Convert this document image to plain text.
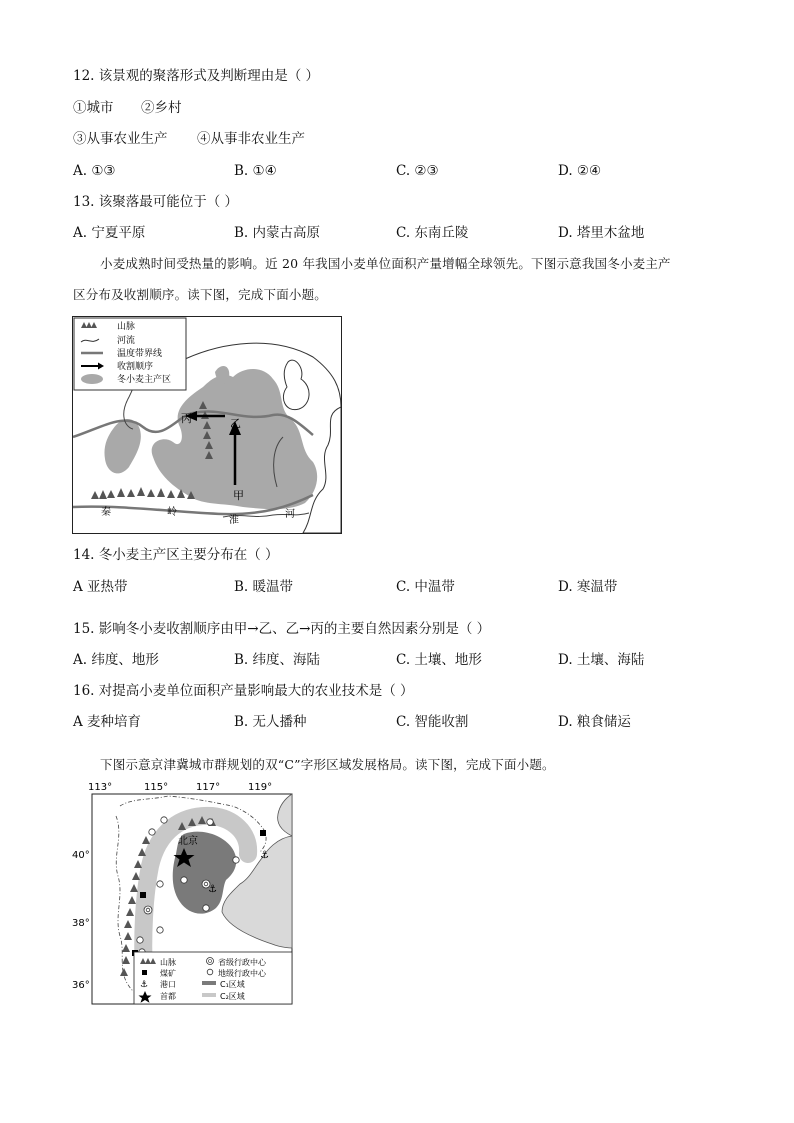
12. 该景观的聚落形式及判断理由是（ ）
①城市 ②乡村
③从事农业生产 ④从事非农业生产
A. ①③	B. ①④	C. ②③	D. ②④
13. 该聚落最可能位于（ ）
A. 宁夏平原	B. 内蒙古高原	C. 东南丘陵	D. 塔里木盆地
小麦成熟时间受热量的影响。近 20 年我国小麦单位面积产量增幅全球领先。下图示意我国冬小麦主产
区分布及收割顺序。读下图，完成下面小题。
丙	乙
甲
秦	岭
淮
河
山脉
河流
温度带界线
收割顺序
冬小麦主产区
14. 冬小麦主产区主要分布在（ ）
A 亚热带	B. 暖温带	C. 中温带	D. 寒温带
15. 影响冬小麦收割顺序由甲→乙、乙→丙的主要自然因素分别是（ ）
A. 纬度、地形	B. 纬度、海陆	C. 土壤、地形	D. 土壤、海陆
16. 对提高小麦单位面积产量影响最大的农业技术是（ ）
A 麦种培育	B. 无人播种	C. 智能收割	D. 粮食储运
下图示意京津冀城市群规划的双“C”字形区域发展格局。读下图，完成下面小题。
113°	115°	117°	119°
40°
38°
36°
北京
⚓
⚓
山脉	省级行政中心
煤矿	地级行政中心
⚓ 港口	C₁区域
首都	C₂区域
